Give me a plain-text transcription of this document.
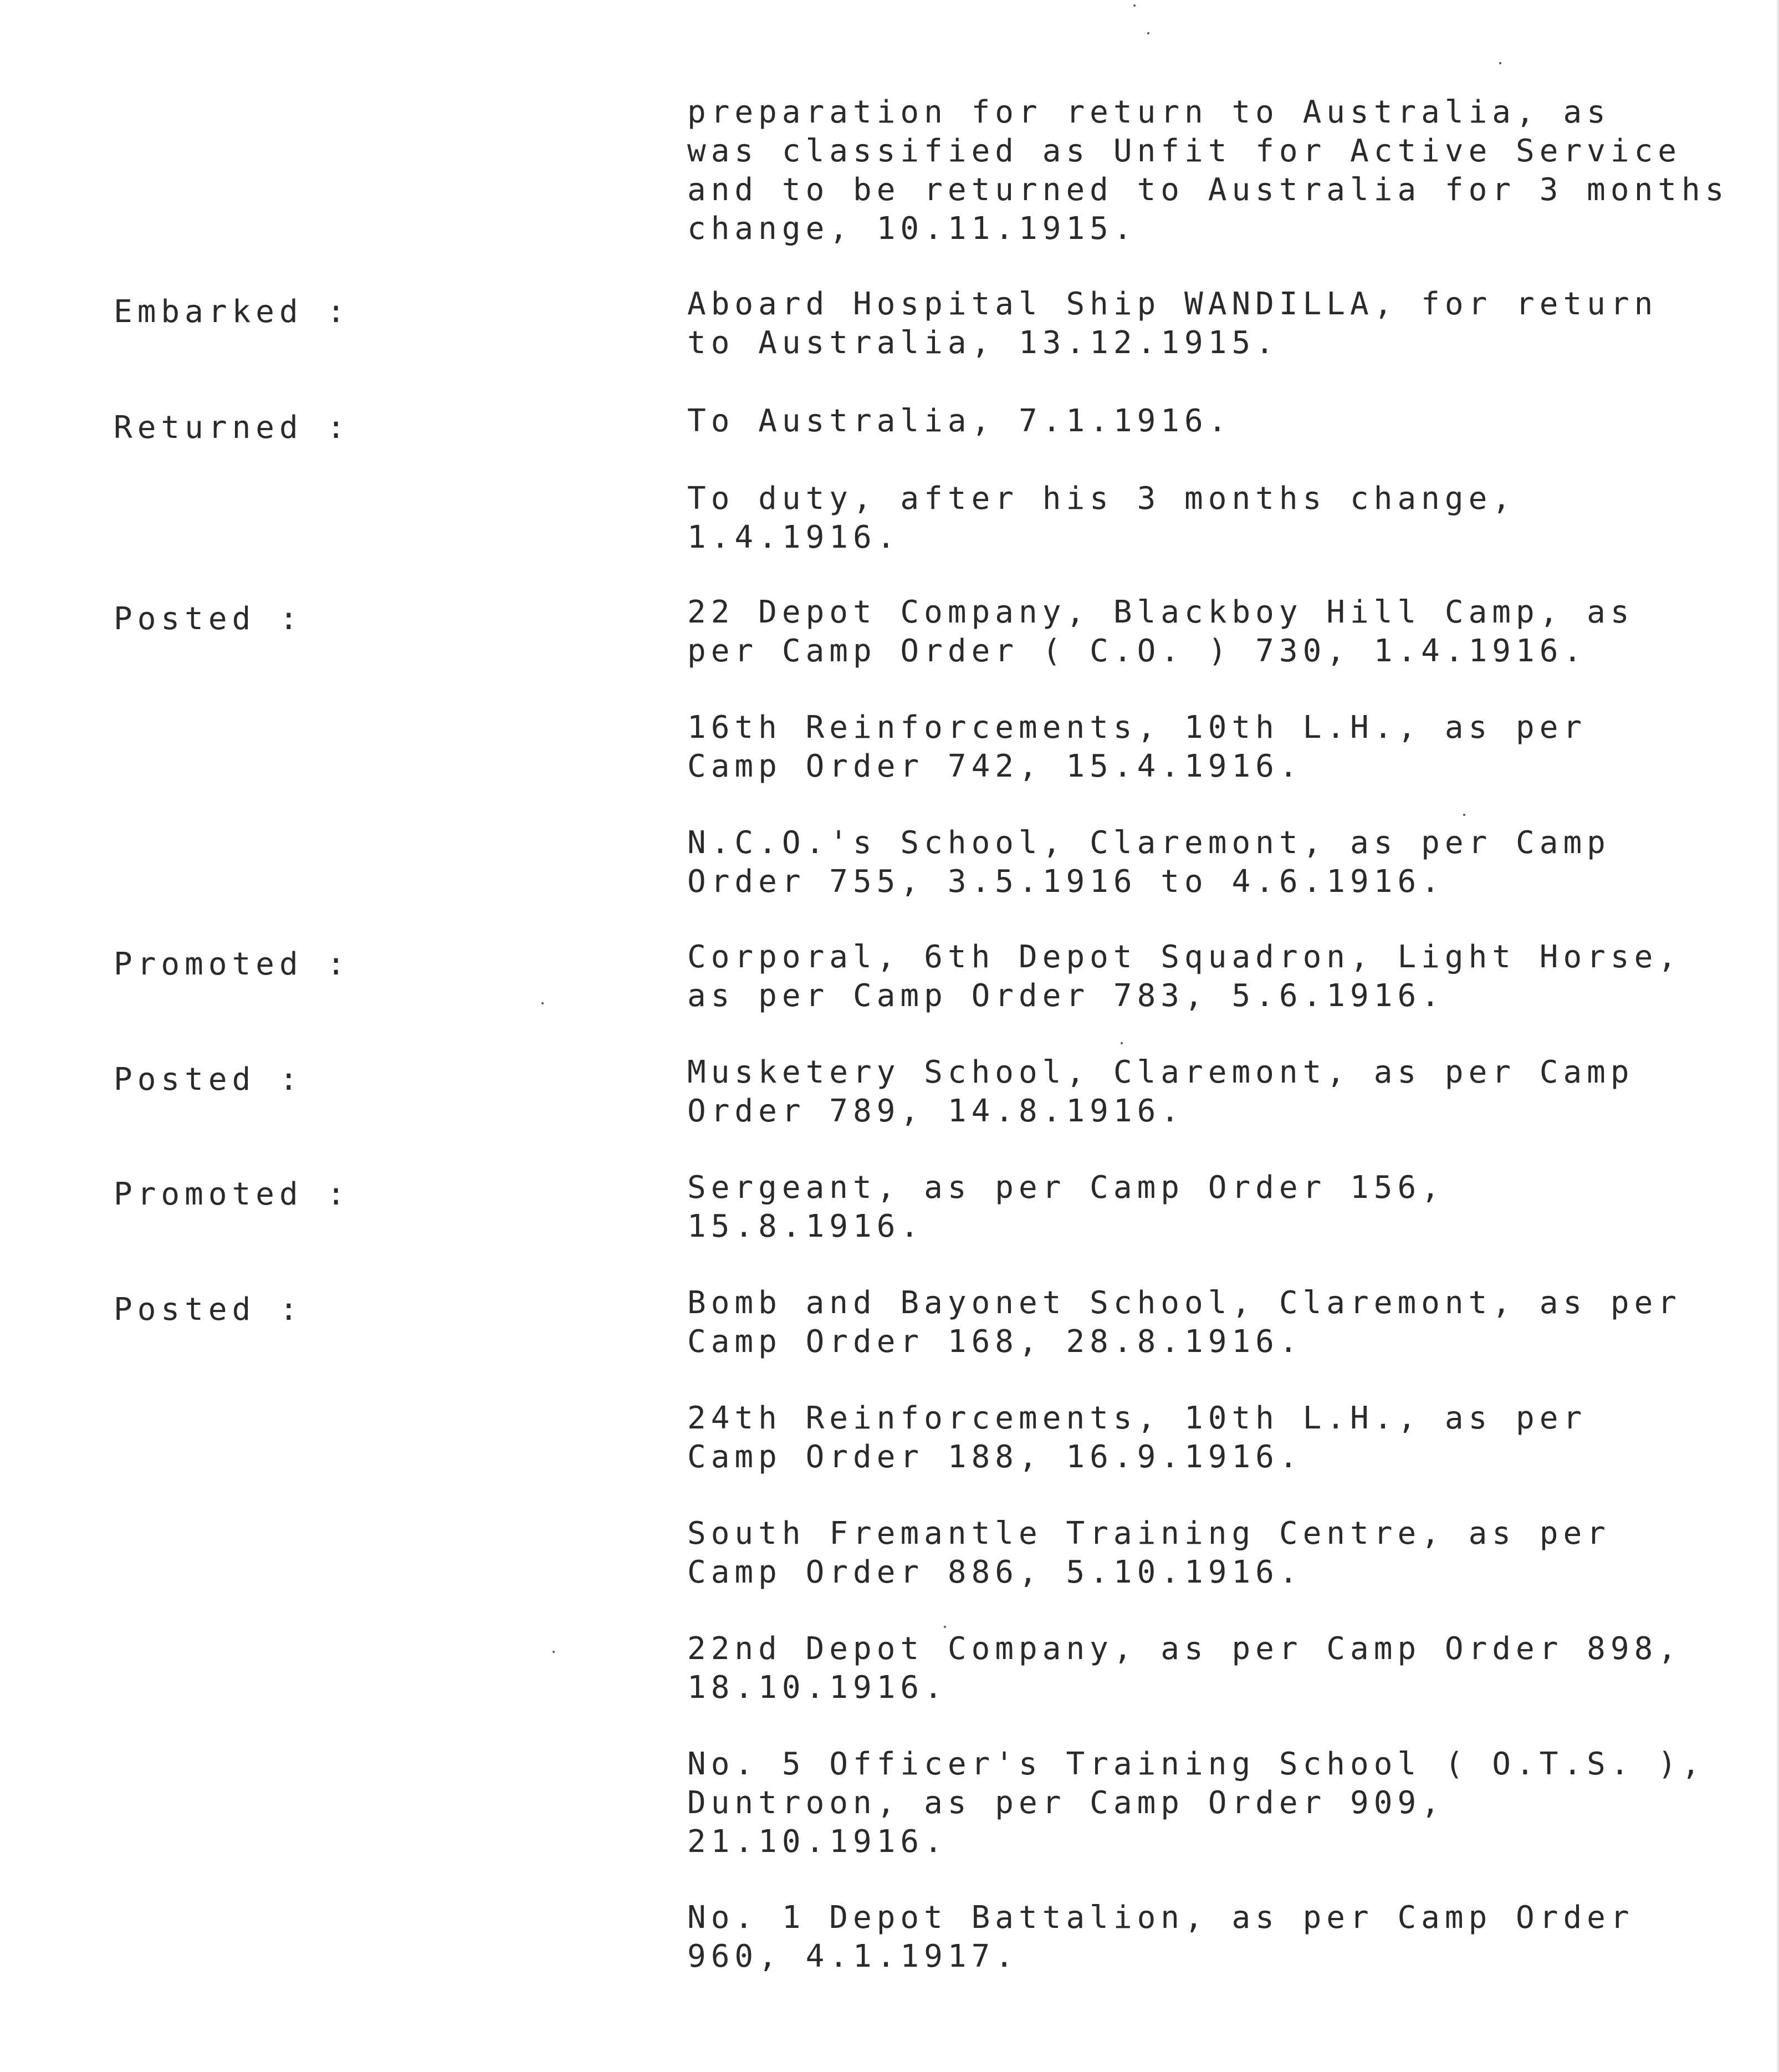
preparation for return to Australia, as
was classified as Unfit for Active Service
and to be returned to Australia for 3 months
change, 10.11.1915.
Embarked :	Aboard Hospital Ship WANDILLA, for return
to Australia, 13.12.1915.
Returned :	To Australia, 7.1.1916.
To duty, after his 3 months change,
1.4.1916.
Posted :	22 Depot Company, Blackboy Hill Camp, as
per Camp Order ( C.O. ) 730, 1.4.1916.
16th Reinforcements, 10th L.H., as per
Camp Order 742, 15.4.1916.
N.C.O.'s School, Claremont, as per Camp
Order 755, 3.5.1916 to 4.6.1916.
Promoted :	Corporal, 6th Depot Squadron, Light Horse,
as per Camp Order 783, 5.6.1916.
Posted :	Musketery School, Claremont, as per Camp
Order 789, 14.8.1916.
Promoted :	Sergeant, as per Camp Order 156,
15.8.1916.
Posted :	Bomb and Bayonet School, Claremont, as per
Camp Order 168, 28.8.1916.
24th Reinforcements, 10th L.H., as per
Camp Order 188, 16.9.1916.
South Fremantle Training Centre, as per
Camp Order 886, 5.10.1916.
22nd Depot Company, as per Camp Order 898,
18.10.1916.
No. 5 Officer's Training School ( O.T.S. ),
Duntroon, as per Camp Order 909,
21.10.1916.
No. 1 Depot Battalion, as per Camp Order
960, 4.1.1917.
